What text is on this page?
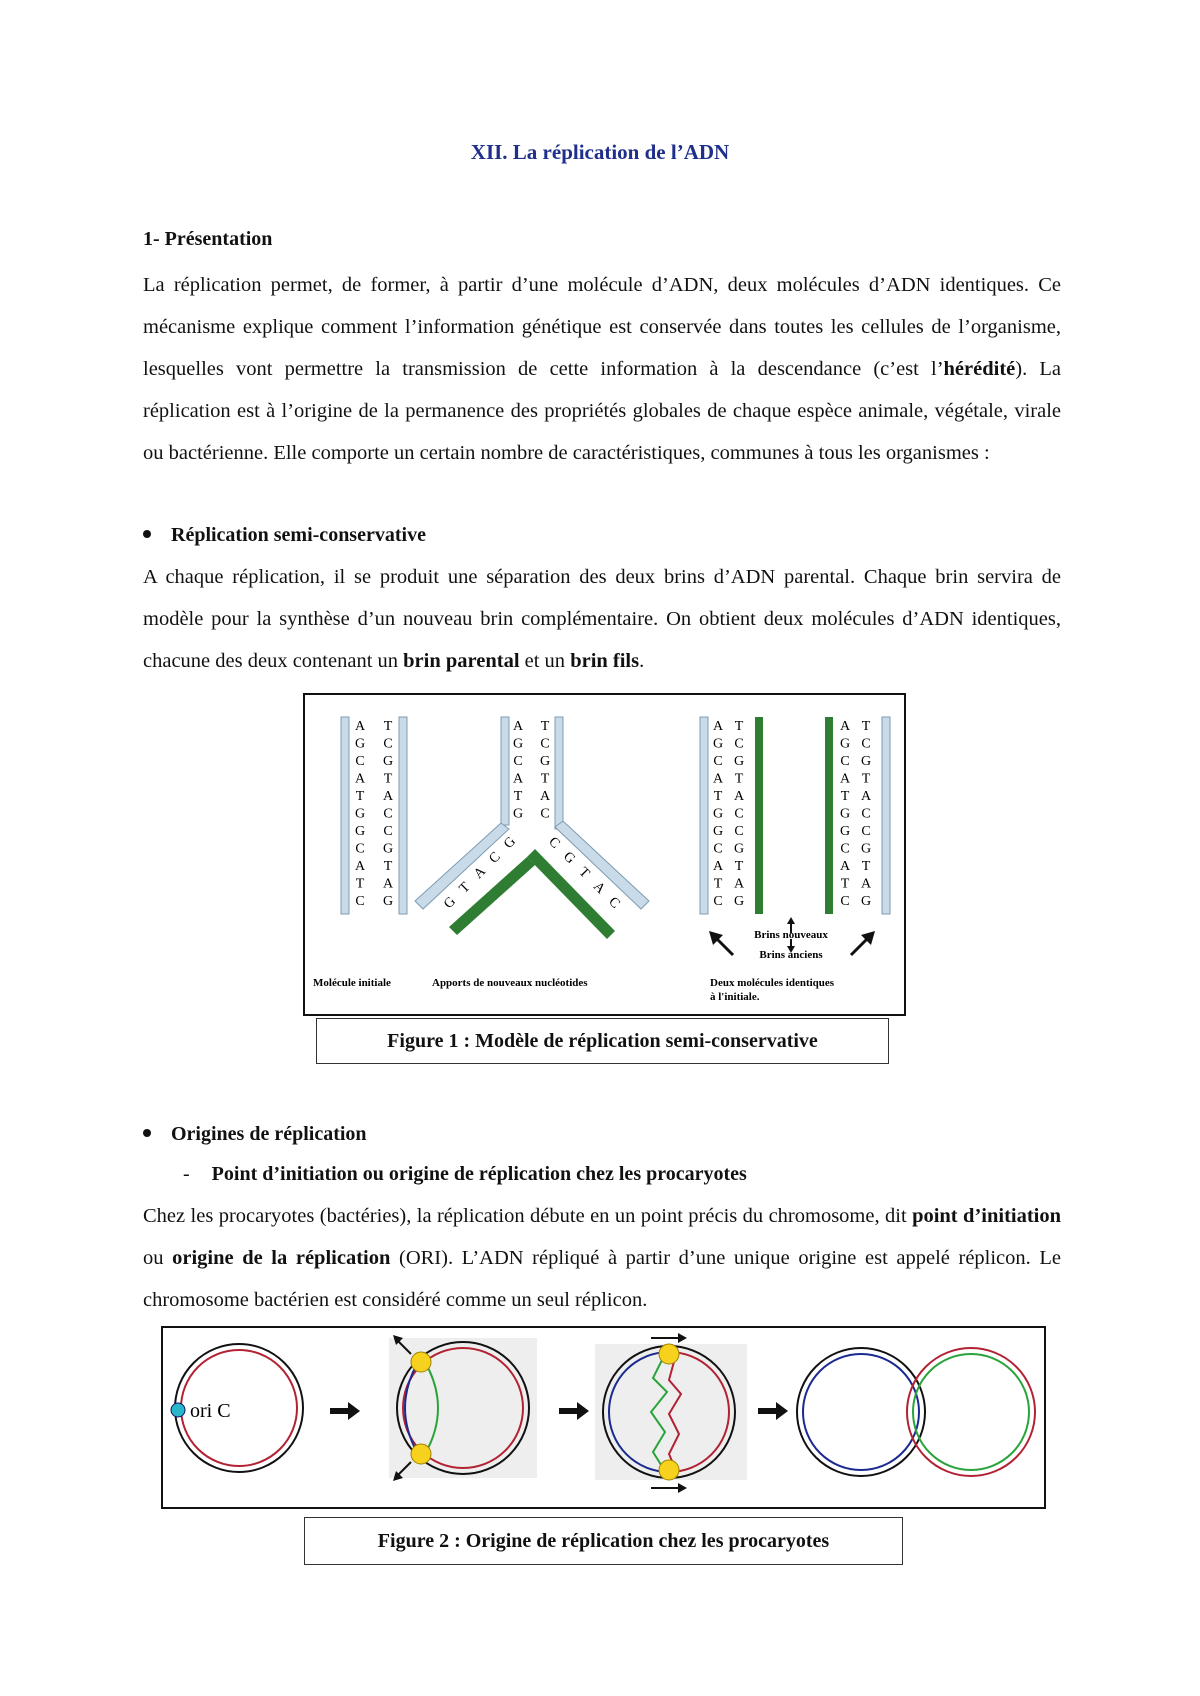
XII. La réplication de l’ADN

1- Présentation

La réplication permet, de former, à partir d’une molécule d’ADN, deux molécules d’ADN identiques. Ce mécanisme explique comment l’information génétique est conservée dans toutes les cellules de l’organisme, lesquelles vont permettre la transmission de cette information à la descendance (c’est l’hérédité). La réplication est à l’origine de la permanence des propriétés globales de chaque espèce animale, végétale, virale ou bactérienne. Elle comporte un certain nombre de caractéristiques, communes à tous les organismes :

Réplication semi-conservative

A chaque réplication, il se produit une séparation des deux brins d’ADN parental. Chaque brin servira de modèle pour la synthèse d’un nouveau brin complémentaire. On obtient deux molécules d’ADN identiques, chacune des deux contenant un brin parental et un brin fils.

A
G
C
A
T
G
G
C
A
T
C
T
C
G
T
A
C
C
G
T
A
G
A
G
C
A
T
G
T
C
G
T
A
C
G
C
A
T
G
C
G
T
A
C
A
G
C
A
T
G
G
C
A
T
C
T
C
G
T
A
C
C
G
T
A
G
A
G
C
A
T
G
G
C
A
T
C
T
C
G
T
A
C
C
G
T
A
G
Brins nouveaux
Brins anciens
Molécule initiale	Apports de nouveaux nucléotides	Deux molécules identiques
à l'initiale.
Figure 1 : Modèle de réplication semi-conservative

Origines de réplication

- Point d’initiation ou origine de réplication chez les procaryotes

Chez les procaryotes (bactéries), la réplication débute en un point précis du chromosome, dit point d’initiation ou origine de la réplication (ORI). L’ADN répliqué à partir d’une unique origine est appelé réplicon. Le chromosome bactérien est considéré comme un seul réplicon.

ori C
Figure 2 : Origine de réplication chez les procaryotes
